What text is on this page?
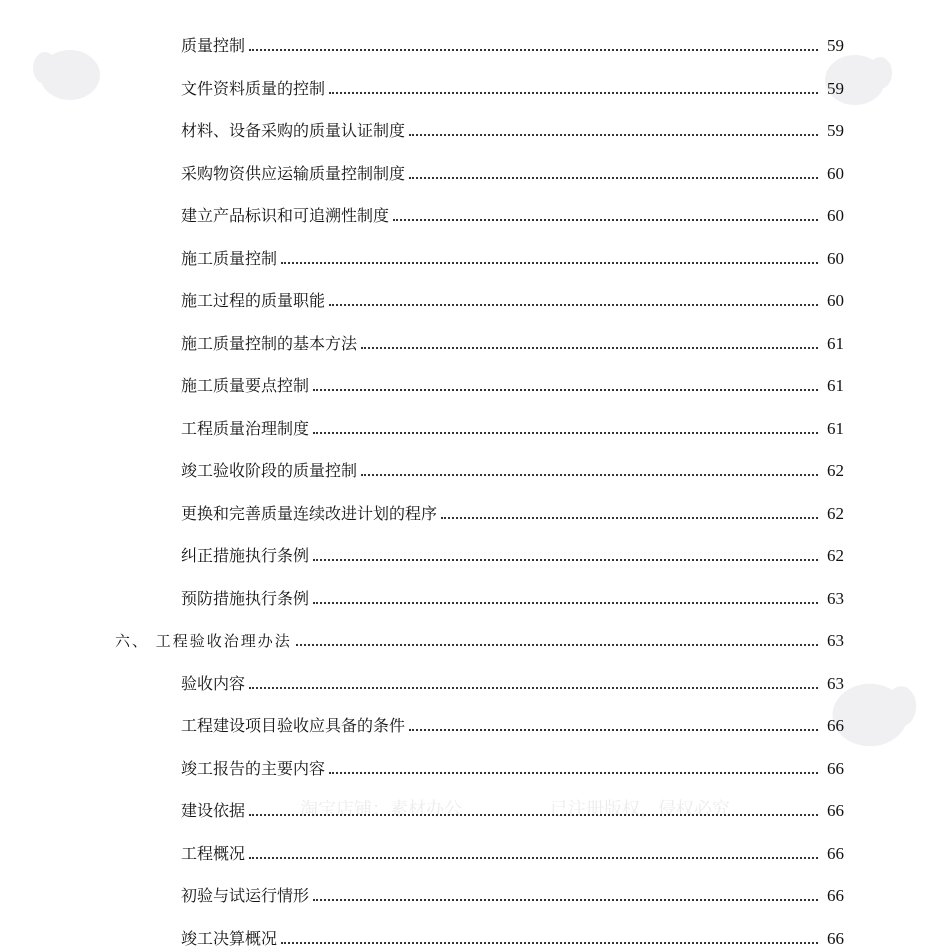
淘宝店铺：素材办公	已注册版权，侵权必究
质量控制	59
文件资料质量的控制	59
材料、设备采购的质量认证制度	59
采购物资供应运输质量控制制度	60
建立产品标识和可追溯性制度	60
施工质量控制	60
施工过程的质量职能	60
施工质量控制的基本方法	61
施工质量要点控制	61
工程质量治理制度	61
竣工验收阶段的质量控制	62
更换和完善质量连续改进计划的程序	62
纠正措施执行条例	62
预防措施执行条例	63
六、 工程验收治理办法	63
验收内容	63
工程建设项目验收应具备的条件	66
竣工报告的主要内容	66
建设依据	66
工程概况	66
初验与试运行情形	66
竣工决算概况	66
